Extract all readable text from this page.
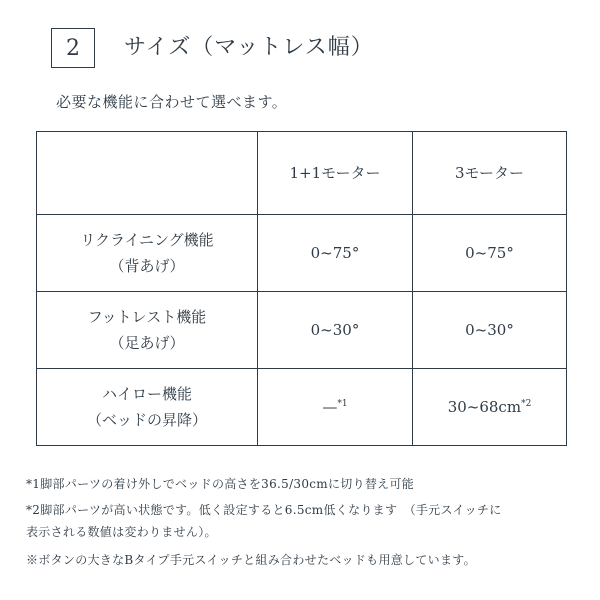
2 サイズ（マットレス幅）
必要な機能に合わせて選べます。
	1+1モーター	3モーター

リクライニング機能
（背あげ）	0~75°	0~75°

フットレスト機能
（足あげ）	0~30°	0~30°

ハイロー機能
（ベッドの昇降）	—$^{*1}$	$30\sim 68cm^{*2}$
*1脚部パーツの着け外しでベッドの高さを36.5/30cmに切り替え可能
*2脚部パーツが高い状態です。低く設定すると6.5cm低くなります　（手元スイッチに
表示される数値は変わりません）。
※ボタンの大きなBタイプ手元スイッチと組み合わせたベッドも用意しています。
